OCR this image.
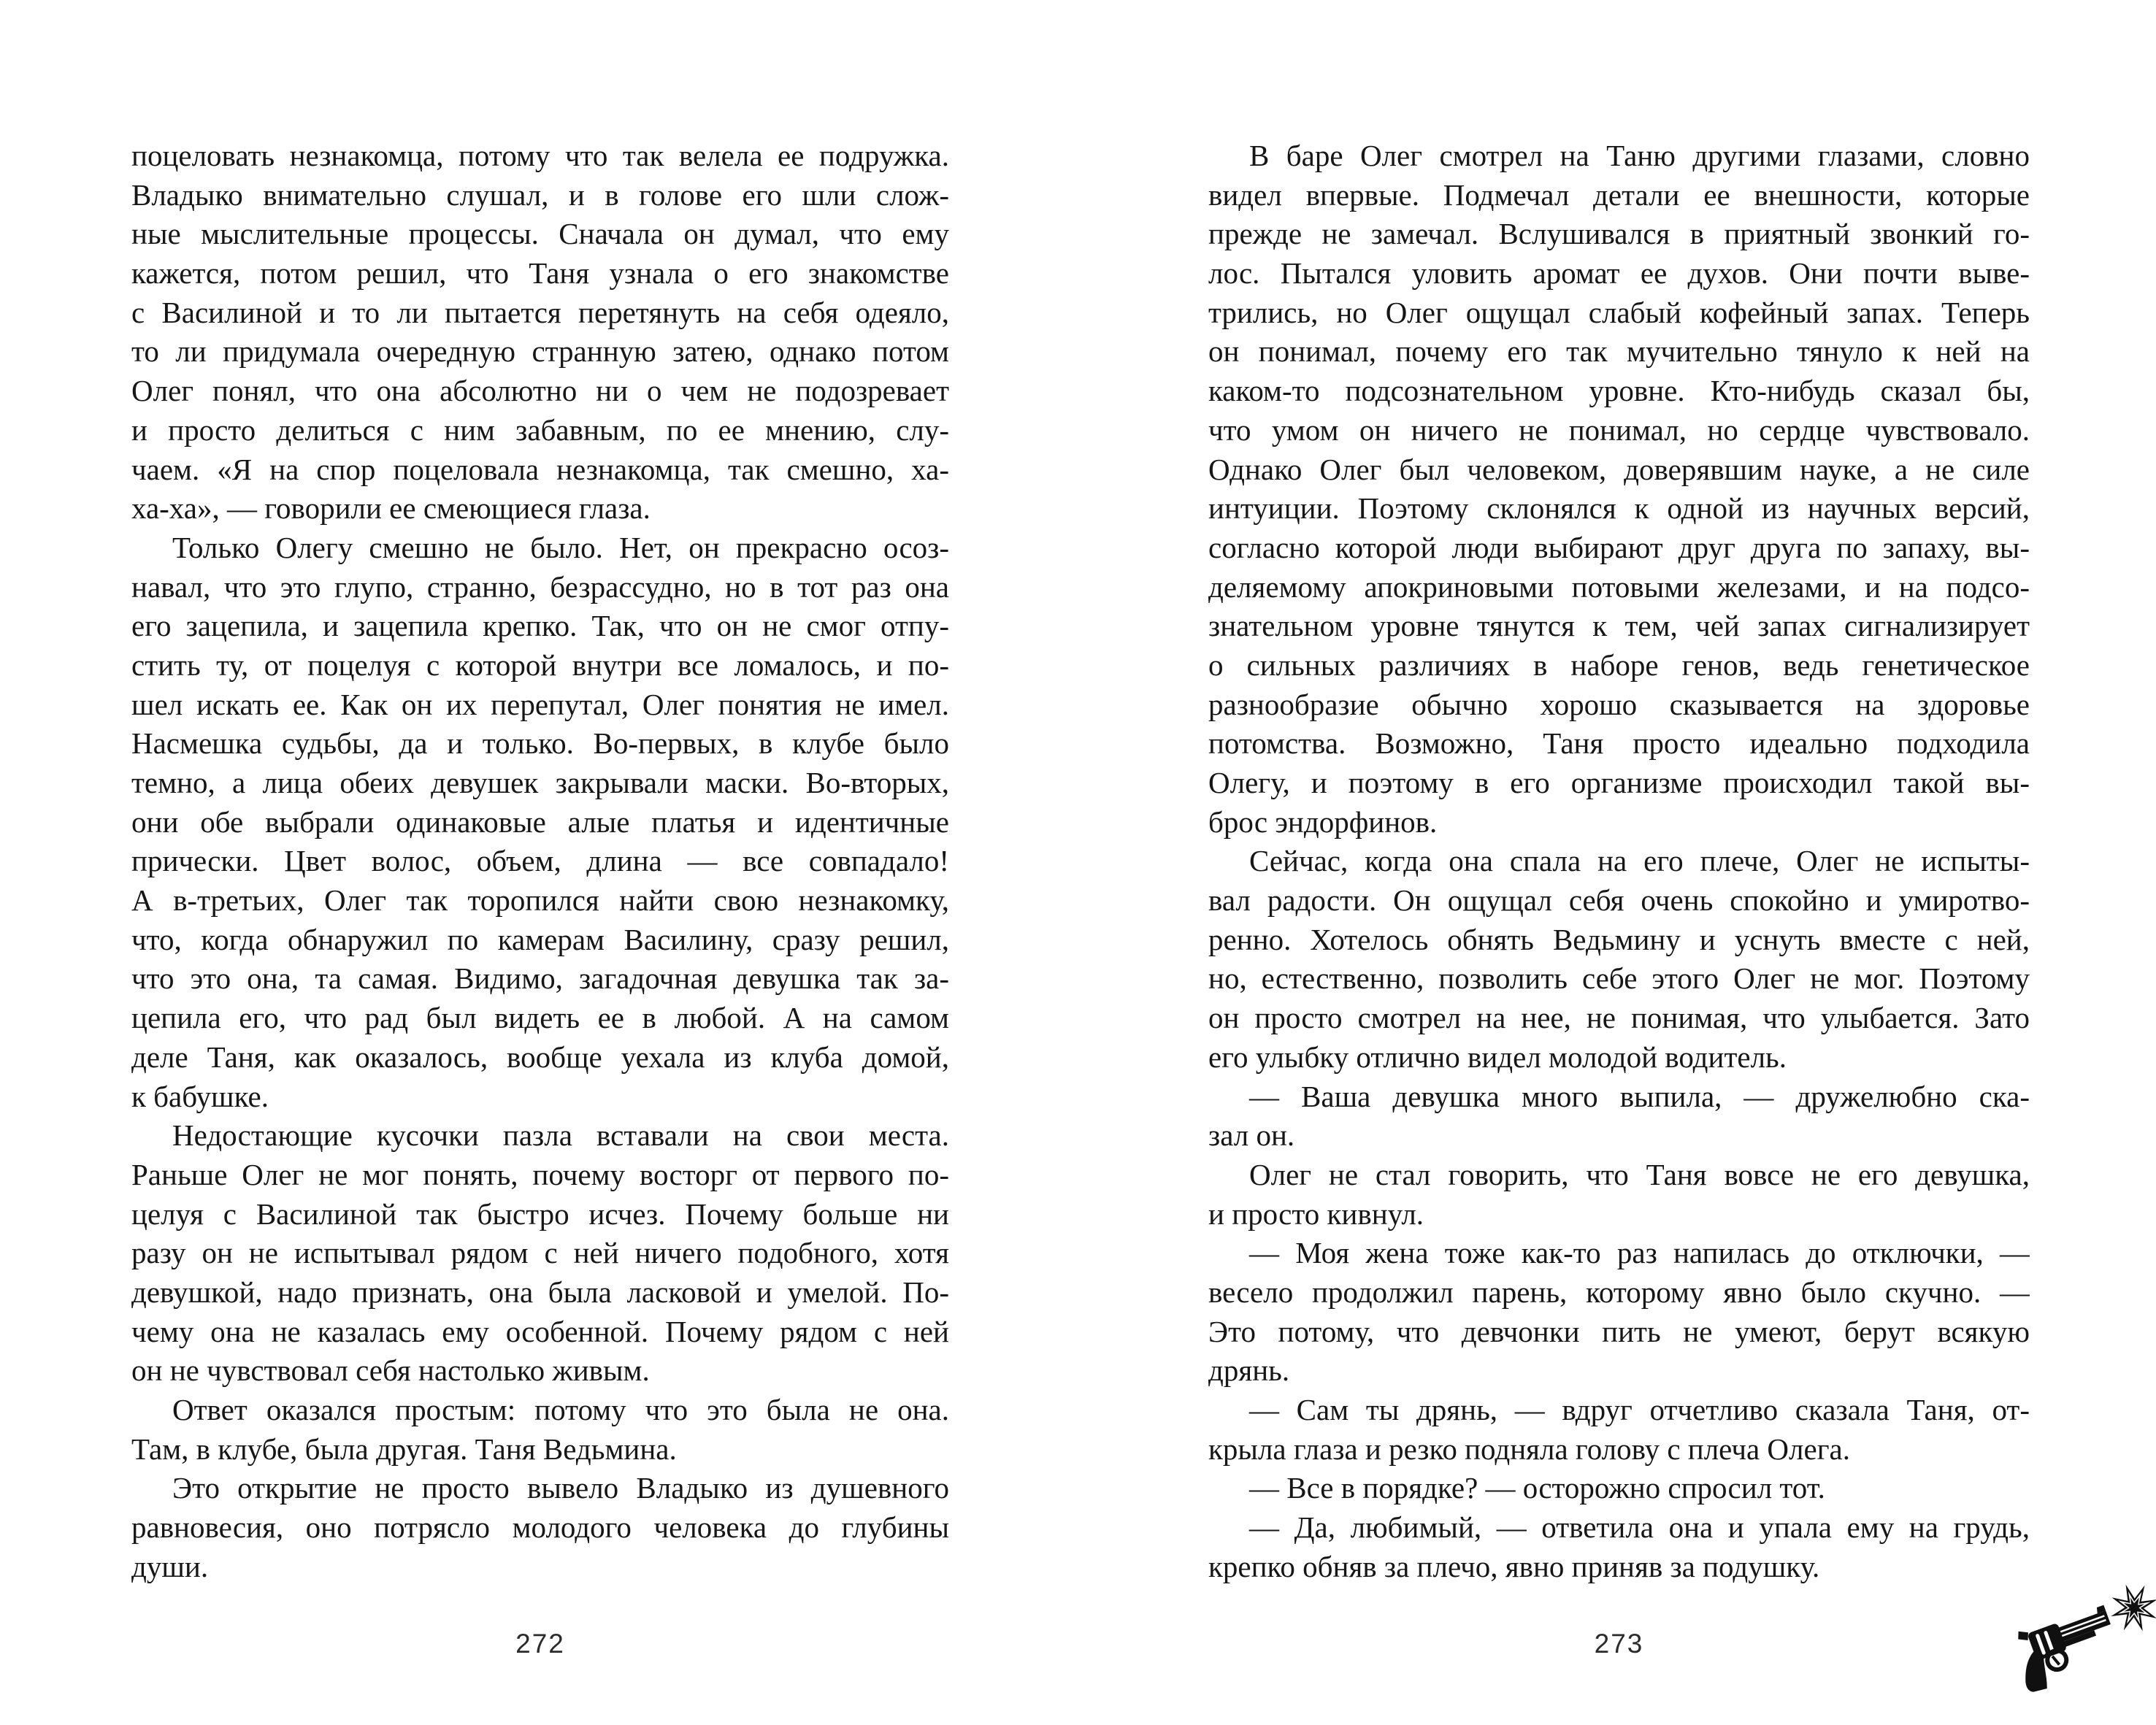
поцеловать незнакомца, потому что так велела ее подружка.
Владыко внимательно слушал, и в голове его шли слож-
ные мыслительные процессы. Сначала он думал, что ему
кажется, потом решил, что Таня узнала о его знакомстве
с Василиной и то ли пытается перетянуть на себя одеяло,
то ли придумала очередную странную затею, однако потом
Олег понял, что она абсолютно ни о чем не подозревает
и просто делиться с ним забавным, по ее мнению, слу-
чаем. «Я на спор поцеловала незнакомца, так смешно, ха-
ха-ха», — говорили ее смеющиеся глаза.
Только Олегу смешно не было. Нет, он прекрасно осоз-
навал, что это глупо, странно, безрассудно, но в тот раз она
его зацепила, и зацепила крепко. Так, что он не смог отпу-
стить ту, от поцелуя с которой внутри все ломалось, и по-
шел искать ее. Как он их перепутал, Олег понятия не имел.
Насмешка судьбы, да и только. Во-первых, в клубе было
темно, а лица обеих девушек закрывали маски. Во-вторых,
они обе выбрали одинаковые алые платья и идентичные
прически. Цвет волос, объем, длина — все совпадало!
А в-третьих, Олег так торопился найти свою незнакомку,
что, когда обнаружил по камерам Василину, сразу решил,
что это она, та самая. Видимо, загадочная девушка так за-
цепила его, что рад был видеть ее в любой. А на самом
деле Таня, как оказалось, вообще уехала из клуба домой,
к бабушке.
Недостающие кусочки пазла вставали на свои места.
Раньше Олег не мог понять, почему восторг от первого по-
целуя с Василиной так быстро исчез. Почему больше ни
разу он не испытывал рядом с ней ничего подобного, хотя
девушкой, надо признать, она была ласковой и умелой. По-
чему она не казалась ему особенной. Почему рядом с ней
он не чувствовал себя настолько живым.
Ответ оказался простым: потому что это была не она.
Там, в клубе, была другая. Таня Ведьмина.
Это открытие не просто вывело Владыко из душевного
равновесия, оно потрясло молодого человека до глубины
души.
В баре Олег смотрел на Таню другими глазами, словно
видел впервые. Подмечал детали ее внешности, которые
прежде не замечал. Вслушивался в приятный звонкий го-
лос. Пытался уловить аромат ее духов. Они почти выве-
трились, но Олег ощущал слабый кофейный запах. Теперь
он понимал, почему его так мучительно тянуло к ней на
каком-то подсознательном уровне. Кто-нибудь сказал бы,
что умом он ничего не понимал, но сердце чувствовало.
Однако Олег был человеком, доверявшим науке, а не силе
интуиции. Поэтому склонялся к одной из научных версий,
согласно которой люди выбирают друг друга по запаху, вы-
деляемому апокриновыми потовыми железами, и на подсо-
знательном уровне тянутся к тем, чей запах сигнализирует
о сильных различиях в наборе генов, ведь генетическое
разнообразие обычно хорошо сказывается на здоровье
потомства. Возможно, Таня просто идеально подходила
Олегу, и поэтому в его организме происходил такой вы-
брос эндорфинов.
Сейчас, когда она спала на его плече, Олег не испыты-
вал радости. Он ощущал себя очень спокойно и умиротво-
ренно. Хотелось обнять Ведьмину и уснуть вместе с ней,
но, естественно, позволить себе этого Олег не мог. Поэтому
он просто смотрел на нее, не понимая, что улыбается. Зато
его улыбку отлично видел молодой водитель.
— Ваша девушка много выпила, — дружелюбно ска-
зал он.
Олег не стал говорить, что Таня вовсе не его девушка,
и просто кивнул.
— Моя жена тоже как-то раз напилась до отключки, —
весело продолжил парень, которому явно было скучно. —
Это потому, что девчонки пить не умеют, берут всякую
дрянь.
— Сам ты дрянь, — вдруг отчетливо сказала Таня, от-
крыла глаза и резко подняла голову с плеча Олега.
— Все в порядке? — осторожно спросил тот.
— Да, любимый, — ответила она и упала ему на грудь,
крепко обняв за плечо, явно приняв за подушку.
272	273
